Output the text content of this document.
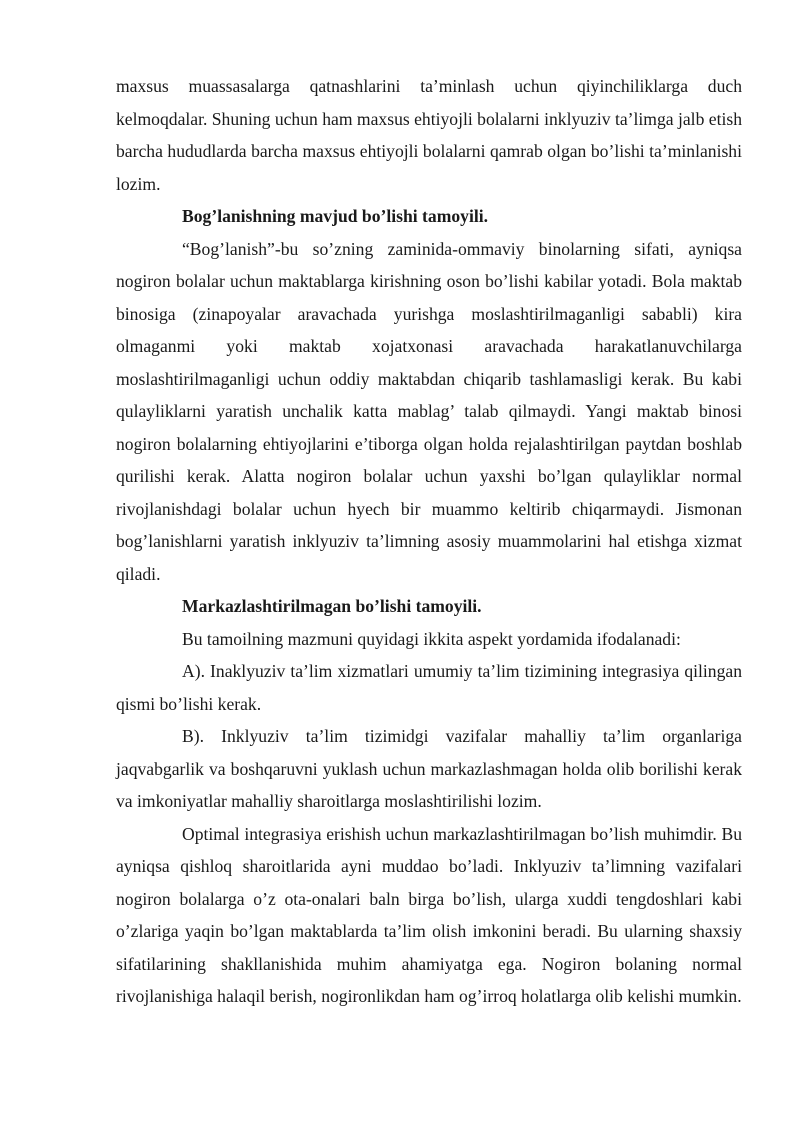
maxsus muassasalarga qatnashlarini ta’minlash uchun qiyinchiliklarga duch kelmoqdalar. Shuning uchun ham maxsus ehtiyojli bolalarni inklyuziv ta’limga jalb etish barcha hududlarda barcha maxsus ehtiyojli bolalarni qamrab olgan bo’lishi ta’minlanishi lozim.

Bog’lanishning mavjud bo’lishi tamoyili.

“Bog’lanish”-bu so’zning zaminida-ommaviy binolarning sifati, ayniqsa nogiron bolalar uchun maktablarga kirishning oson bo’lishi kabilar yotadi. Bola maktab binosiga (zinapoyalar aravachada yurishga moslashtirilmaganligi sababli) kira olmaganmi yoki maktab xojatxonasi aravachada harakatlanuvchilarga moslashtirilmaganligi uchun oddiy maktabdan chiqarib tashlamasligi kerak. Bu kabi qulayliklarni yaratish unchalik katta mablag’ talab qilmaydi. Yangi maktab binosi nogiron bolalarning ehtiyojlarini e’tiborga olgan holda rejalashtirilgan paytdan boshlab qurilishi kerak. Alatta nogiron bolalar uchun yaxshi bo’lgan qulayliklar normal rivojlanishdagi bolalar uchun hyech bir muammo keltirib chiqarmaydi. Jismonan bog’lanishlarni yaratish inklyuziv ta’limning asosiy muammolarini hal etishga xizmat qiladi.

Markazlashtirilmagan bo’lishi tamoyili.

Bu tamoilning mazmuni quyidagi ikkita aspekt yordamida ifodalanadi:

A). Inaklyuziv ta’lim xizmatlari umumiy ta’lim tizimining integrasiya qilingan qismi bo’lishi kerak.

B). Inklyuziv ta’lim tizimidgi vazifalar mahalliy ta’lim organlariga jaqvabgarlik va boshqaruvni yuklash uchun markazlashmagan holda olib borilishi kerak va imkoniyatlar mahalliy sharoitlarga moslashtirilishi lozim.

Optimal integrasiya erishish uchun markazlashtirilmagan bo’lish muhimdir. Bu ayniqsa qishloq sharoitlarida ayni muddao bo’ladi. Inklyuziv ta’limning vazifalari nogiron bolalarga o’z ota-onalari baln birga bo’lish, ularga xuddi tengdoshlari kabi o’zlariga yaqin bo’lgan maktablarda ta’lim olish imkonini beradi. Bu ularning shaxsiy sifatilarining shakllanishida muhim ahamiyatga ega. Nogiron bolaning normal rivojlanishiga halaqil berish, nogironlikdan ham og’irroq holatlarga olib kelishi mumkin.
